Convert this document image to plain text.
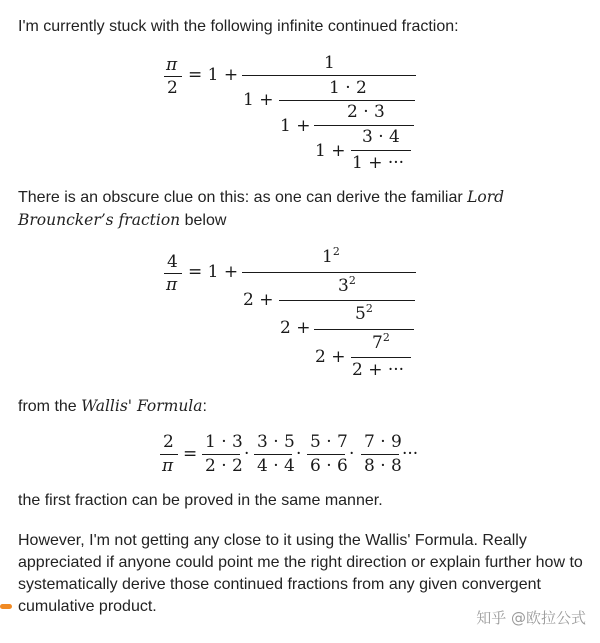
I'm currently stuck with the following infinite continued fraction:
π
2
= 1 +
1
1 +
1 · 2
1 +
2 · 3
1 +
3 · 4
1 + ···
There is an obscure clue on this: as one can derive the familiar Lord Brouncker’s fraction below
4
π
= 1 +
$1^2$
2 +
$3^2$
2 +
$5^2$
2 +
$7^2$
2 + ···
from the Wallis' Formula:
2
π
=
1 · 3
2 · 2
·
3 · 5
4 · 4
·
5 · 7
6 · 6
·
7 · 9
8 · 8
···
the first fraction can be proved in the same manner.
However, I'm not getting any close to it using the Wallis' Formula. Really appreciated if anyone could point me the right direction or explain further how to systematically derive those continued fractions from any given convergent cumulative product.
知乎 @欧拉公式
